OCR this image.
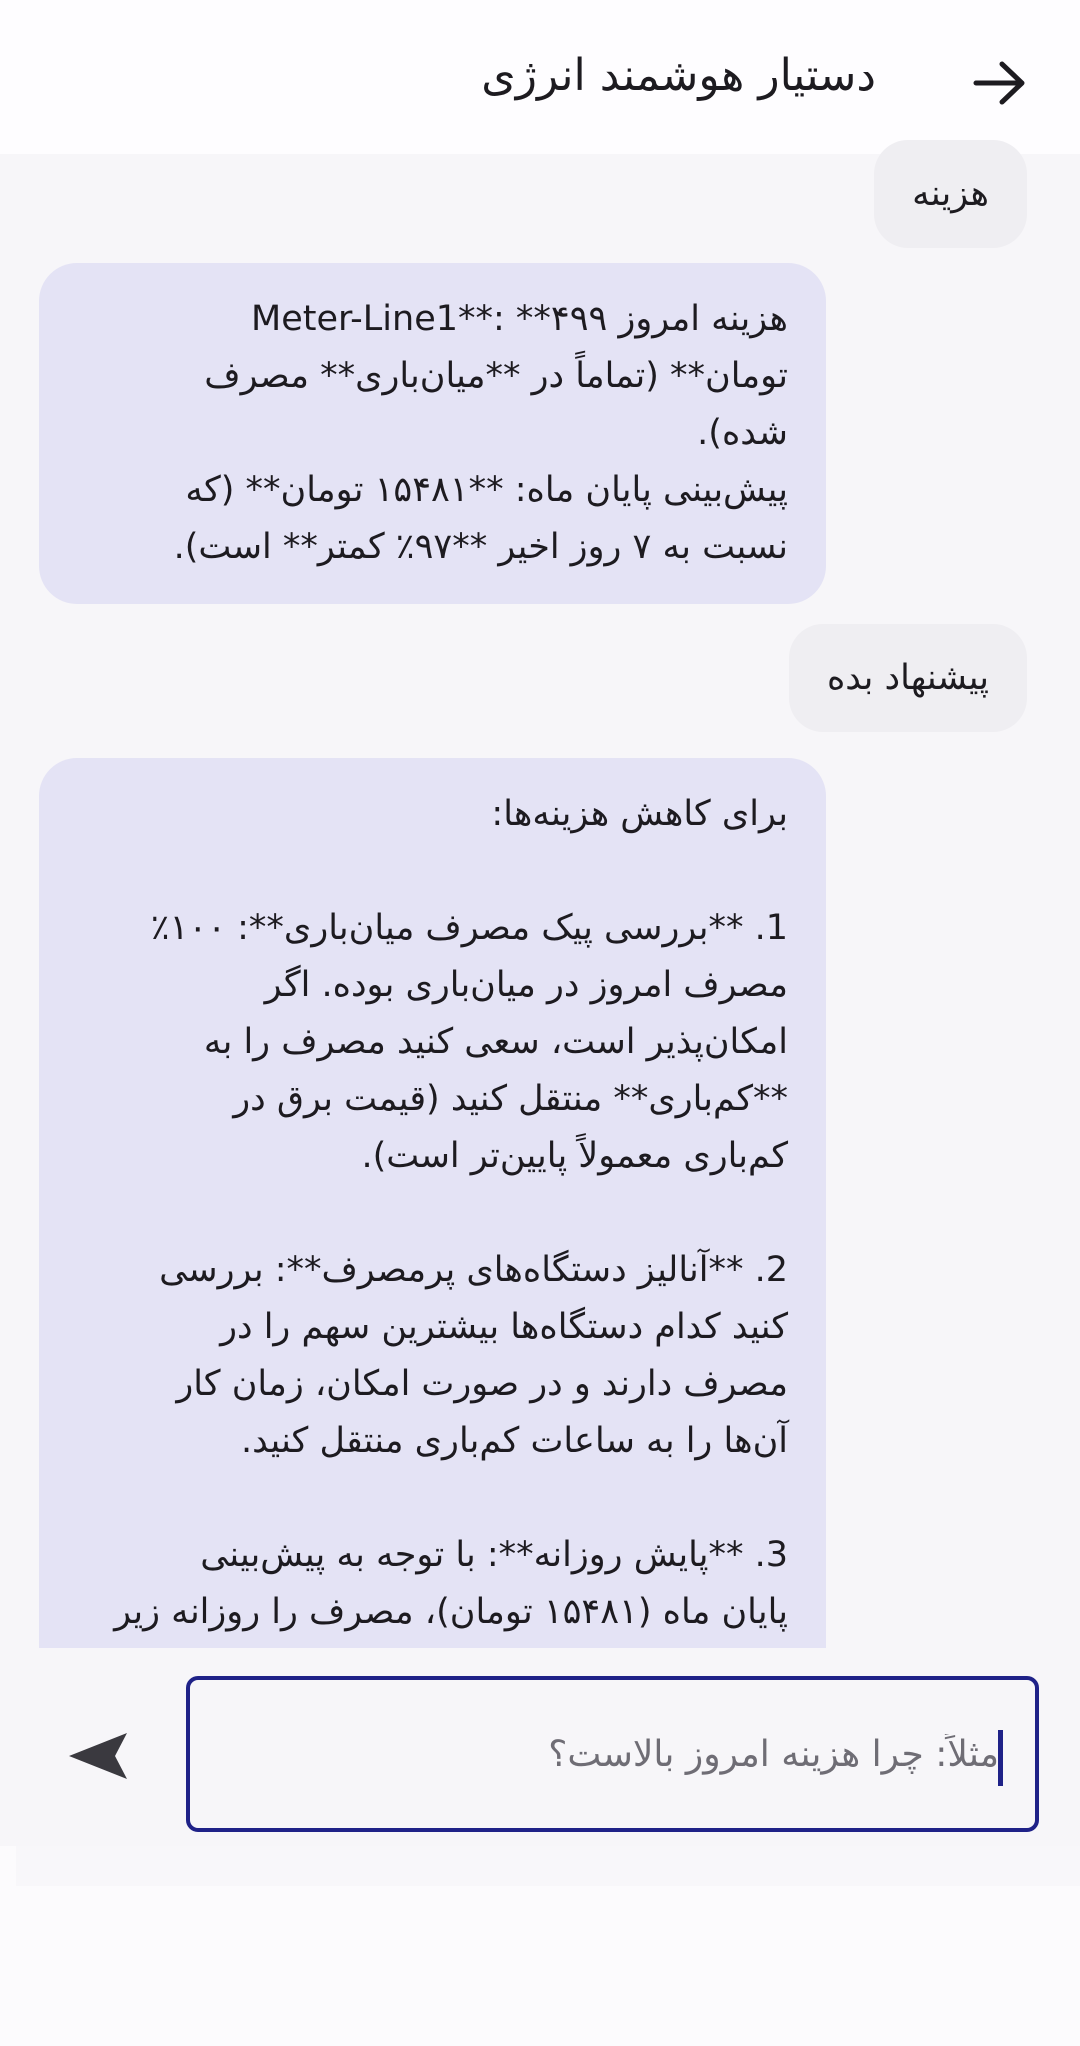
دستیار هوشمند انرژی
هزینه

هزینه امروز Meter-Line1**: **۴۹۹

تومان** (تماماً در **میان‌باری** مصرف

شده).

پیش‌بینی پایان ماه: **۱۵۴۸۱ تومان** (که

نسبت به ۷ روز اخیر **۹۷٪ کمتر** است).

پیشنهاد بده

برای کاهش هزینه‌ها:

1. **بررسی پیک مصرف میان‌باری**: ۱۰۰٪

مصرف امروز در میان‌باری بوده. اگر

امکان‌پذیر است، سعی کنید مصرف را به

**کم‌باری** منتقل کنید (قیمت برق در

کم‌باری معمولاً پایین‌تر است).

2. **آنالیز دستگاه‌های پرمصرف**: بررسی

کنید کدام دستگاه‌ها بیشترین سهم را در

مصرف دارند و در صورت امکان، زمان کار

آن‌ها را به ساعات کم‌باری منتقل کنید.

3. **پایش روزانه**: با توجه به پیش‌بینی

پایان ماه (۱۵۴۸۱ تومان)، مصرف را روزانه زیر

مثلاً: چرا هزینه امروز بالاست؟
